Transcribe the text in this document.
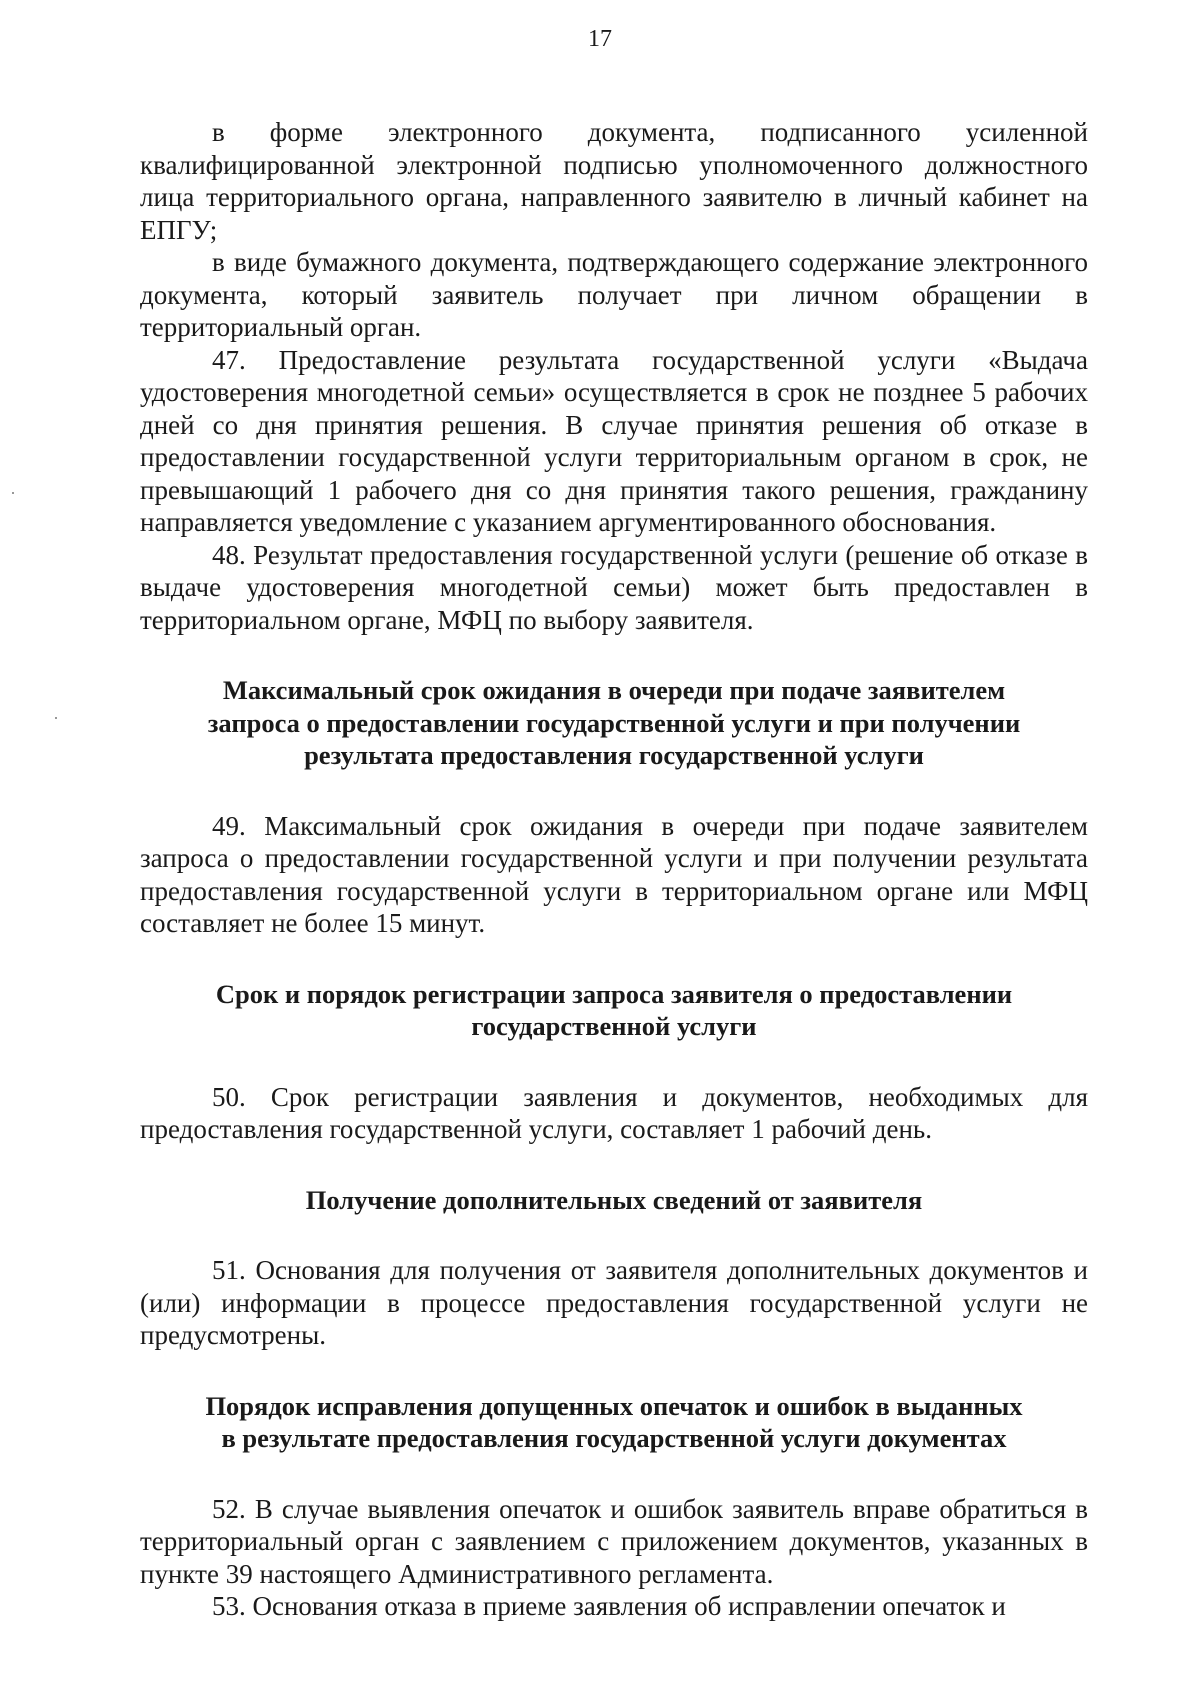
17

в форме электронного документа, подписанного усиленной квалифицированной электронной подписью уполномоченного должностного лица территориального органа, направленного заявителю в личный кабинет на ЕПГУ;

в виде бумажного документа, подтверждающего содержание электронного документа, который заявитель получает при личном обращении в территориальный орган.

47. Предоставление результата государственной услуги «Выдача удостоверения многодетной семьи» осуществляется в срок не позднее 5 рабочих дней со дня принятия решения. В случае принятия решения об отказе в предоставлении государственной услуги территориальным органом в срок, не превышающий 1 рабочего дня со дня принятия такого решения, гражданину направляется уведомление с указанием аргументированного обоснования.

48. Результат предоставления государственной услуги (решение об отказе в выдаче удостоверения многодетной семьи) может быть предоставлен в территориальном органе, МФЦ по выбору заявителя.

Максимальный срок ожидания в очереди при подаче заявителем запроса о предоставлении государственной услуги и при получении результата предоставления государственной услуги

49. Максимальный срок ожидания в очереди при подаче заявителем запроса о предоставлении государственной услуги и при получении результата предоставления государственной услуги в территориальном органе или МФЦ составляет не более 15 минут.

Срок и порядок регистрации запроса заявителя о предоставлении государственной услуги

50. Срок регистрации заявления и документов, необходимых для предоставления государственной услуги, составляет 1 рабочий день.

Получение дополнительных сведений от заявителя

51. Основания для получения от заявителя дополнительных документов и (или) информации в процессе предоставления государственной услуги не предусмотрены.

Порядок исправления допущенных опечаток и ошибок в выданных в результате предоставления государственной услуги документах

52. В случае выявления опечаток и ошибок заявитель вправе обратиться в территориальный орган с заявлением с приложением документов, указанных в пункте 39 настоящего Административного регламента.

53. Основания отказа в приеме заявления об исправлении опечаток и
